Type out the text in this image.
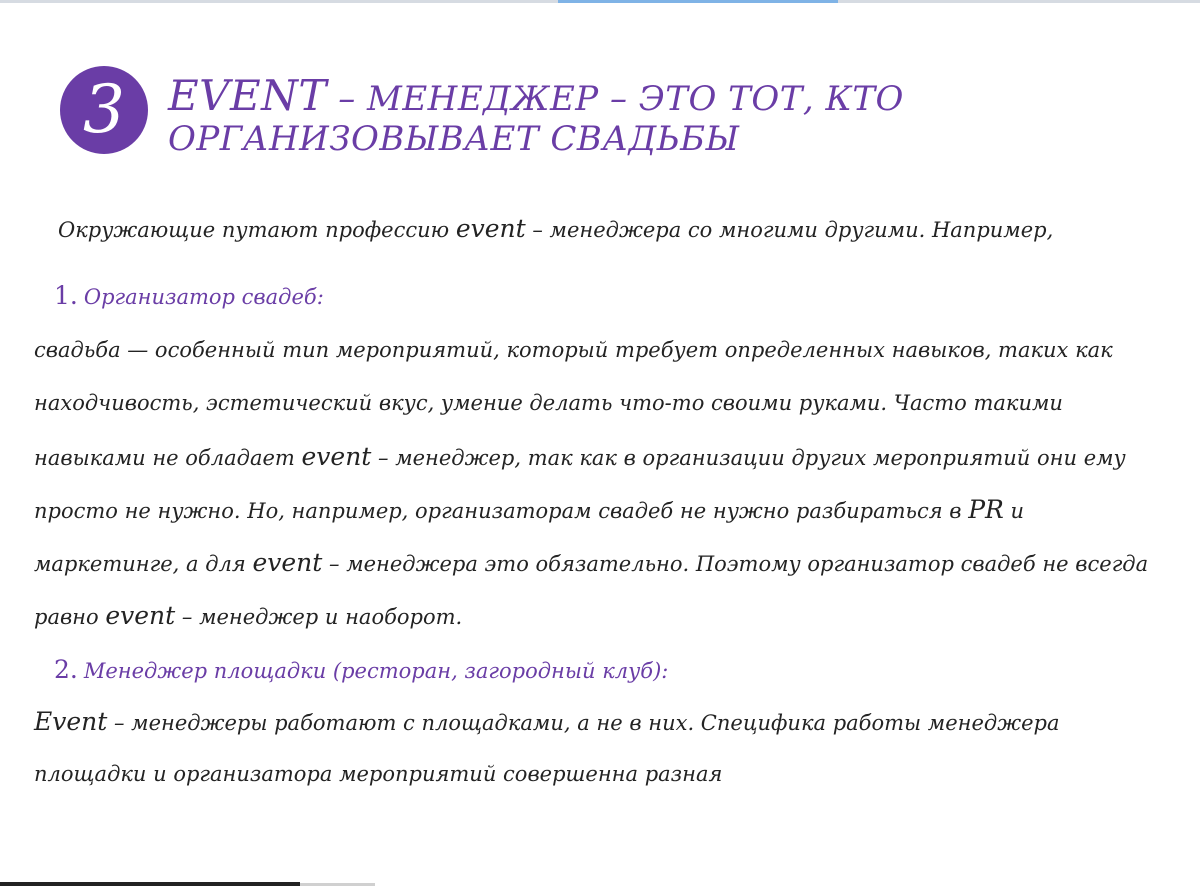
3 EVENT – МЕНЕДЖЕР – ЭТО ТОТ, КТО
ОРГАНИЗОВЫВАЕТ СВАДЬБЫ

Окружающие путают профессию event – менеджера со многими другими. Например,

1. Организатор свадеб:

свадьба — особенный тип мероприятий, который требует определенных навыков, таких как

находчивость, эстетический вкус, умение делать что-то своими руками. Часто такими

навыками не обладает event – менеджер, так как в организации других мероприятий они ему

просто не нужно. Но, например, организаторам свадеб не нужно разбираться в PR и

маркетинге, а для event – менеджера это обязательно. Поэтому организатор свадеб не всегда

равно event – менеджер и наоборот.

2. Менеджер площадки (ресторан, загородный клуб):

Event – менеджеры работают с площадками, а не в них. Специфика работы менеджера

площадки и организатора мероприятий совершенна разная
